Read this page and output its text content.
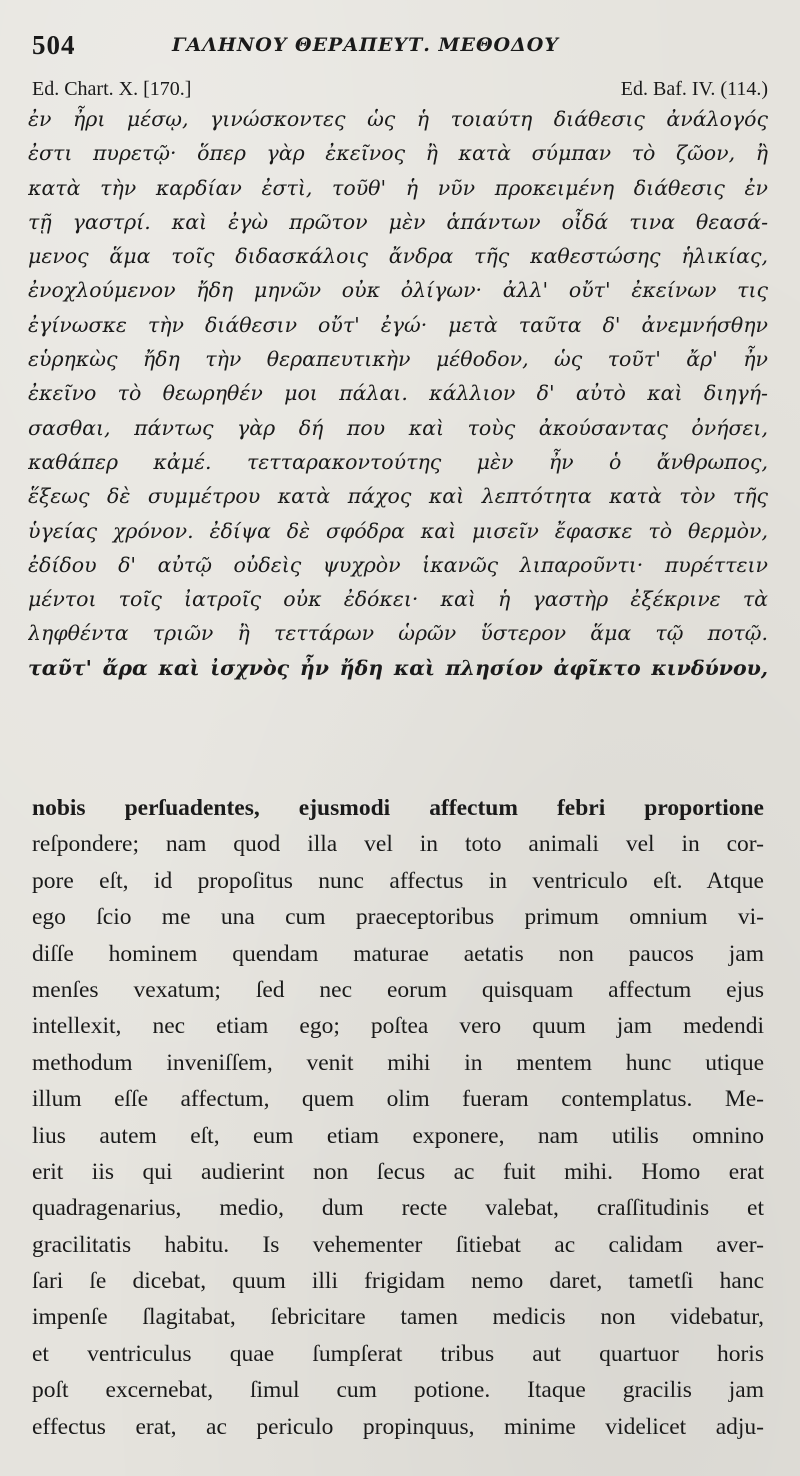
504	ΓΑΛΗΝΟΥ ΘΕΡΑΠΕΥΤ. ΜΕΘΟΔΟΥ
Ed. Chart. X. [170.]	Ed. Baf. IV. (114.)
ἐν ἦρι μέσῳ, γινώσκοντες ὡς ἡ τοιαύτη διάθεσις ἀνάλογός
ἐστι πυρετῷ· ὅπερ γὰρ ἐκεῖνος ἢ κατὰ σύμπαν τὸ ζῶον, ἢ
κατὰ τὴν καρδίαν ἐστὶ, τοῦθ' ἡ νῦν προκειμένη διάθεσις ἐν
τῇ γαστρί. καὶ ἐγὼ πρῶτον μὲν ἁπάντων οἶδά τινα θεασά-
μενος ἅμα τοῖς διδασκάλοις ἄνδρα τῆς καθεστώσης ἡλικίας,
ἐνοχλούμενον ἤδη μηνῶν οὐκ ὀλίγων· ἀλλ' οὔτ' ἐκείνων τις
ἐγίνωσκε τὴν διάθεσιν οὔτ' ἐγώ· μετὰ ταῦτα δ' ἀνεμνήσθην
εὑρηκὼς ἤδη τὴν θεραπευτικὴν μέθοδον, ὡς τοῦτ' ἄρ' ἦν
ἐκεῖνο τὸ θεωρηθέν μοι πάλαι. κάλλιον δ' αὐτὸ καὶ διηγή-
σασθαι, πάντως γὰρ δή που καὶ τοὺς ἀκούσαντας ὀνήσει,
καθάπερ κἀμέ. τετταρακοντούτης μὲν ἦν ὁ ἄνθρωπος,
ἕξεως δὲ συμμέτρου κατὰ πάχος καὶ λεπτότητα κατὰ τὸν τῆς
ὑγείας χρόνον. ἐδίψα δὲ σφόδρα καὶ μισεῖν ἔφασκε τὸ θερμὸν,
ἐδίδου δ' αὐτῷ οὐδεὶς ψυχρὸν ἱκανῶς λιπαροῦντι· πυρέττειν
μέντοι τοῖς ἰατροῖς οὐκ ἐδόκει· καὶ ἡ γαστὴρ ἐξέκρινε τὰ
ληφθέντα τριῶν ἢ τεττάρων ὡρῶν ὕστερον ἅμα τῷ ποτῷ.
ταῦτ' ἄρα καὶ ἰσχνὸς ἦν ἤδη καὶ πλησίον ἀφῖκτο κινδύνου,
nobis perſuadentes, ejusmodi affectum febri proportione
reſpondere; nam quod illa vel in toto animali vel in cor-
pore eſt, id propoſitus nunc affectus in ventriculo eſt. Atque
ego ſcio me una cum praeceptoribus primum omnium vi-
diſſe hominem quendam maturae aetatis non paucos jam
menſes vexatum; ſed nec eorum quisquam affectum ejus
intellexit, nec etiam ego; poſtea vero quum jam medendi
methodum inveniſſem, venit mihi in mentem hunc utique
illum eſſe affectum, quem olim fueram contemplatus. Me-
lius autem eſt, eum etiam exponere, nam utilis omnino
erit iis qui audierint non ſecus ac fuit mihi. Homo erat
quadragenarius, medio, dum recte valebat, craſſitudinis et
gracilitatis habitu. Is vehementer ſitiebat ac calidam aver-
ſari ſe dicebat, quum illi frigidam nemo daret, tametſi hanc
impenſe ſlagitabat, ſebricitare tamen medicis non videbatur,
et ventriculus quae ſumpſerat tribus aut quartuor horis
poſt excernebat, ſimul cum potione. Itaque gracilis jam
effectus erat, ac periculo propinquus, minime videlicet adju-
